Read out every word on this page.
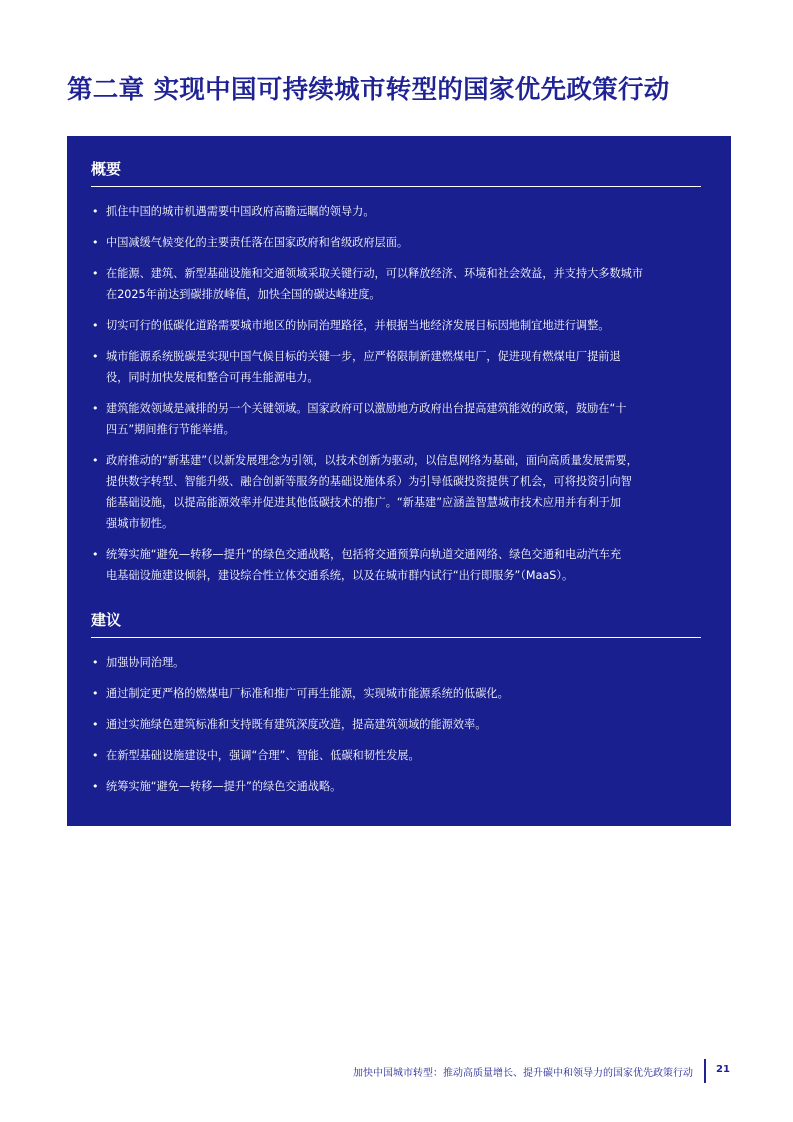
第二章 实现中国可持续城市转型的国家优先政策行动
概要
• 抓住中国的城市机遇需要中国政府高瞻远瞩的领导力。
• 中国减缓气候变化的主要责任落在国家政府和省级政府层面。
• 在能源、建筑、新型基础设施和交通领域采取关键行动，可以释放经济、环境和社会效益，并支持大多数城市
在2025年前达到碳排放峰值，加快全国的碳达峰进度。
• 切实可行的低碳化道路需要城市地区的协同治理路径，并根据当地经济发展目标因地制宜地进行调整。
• 城市能源系统脱碳是实现中国气候目标的关键一步，应严格限制新建燃煤电厂，促进现有燃煤电厂提前退
役，同时加快发展和整合可再生能源电力。
• 建筑能效领域是减排的另一个关键领域。国家政府可以激励地方政府出台提高建筑能效的政策，鼓励在“十
四五”期间推行节能举措。
• 政府推动的“新基建”（以新发展理念为引领，以技术创新为驱动，以信息网络为基础，面向高质量发展需要，
提供数字转型、智能升级、融合创新等服务的基础设施体系）为引导低碳投资提供了机会，可将投资引向智
能基础设施，以提高能源效率并促进其他低碳技术的推广。“新基建”应涵盖智慧城市技术应用并有利于加
强城市韧性。
• 统筹实施“避免—转移—提升”的绿色交通战略，包括将交通预算向轨道交通网络、绿色交通和电动汽车充
电基础设施建设倾斜，建设综合性立体交通系统，以及在城市群内试行“出行即服务”（MaaS）。
建议
• 加强协同治理。
• 通过制定更严格的燃煤电厂标准和推广可再生能源，实现城市能源系统的低碳化。
• 通过实施绿色建筑标准和支持既有建筑深度改造，提高建筑领域的能源效率。
• 在新型基础设施建设中，强调“合理”、智能、低碳和韧性发展。
• 统筹实施“避免—转移—提升”的绿色交通战略。
加快中国城市转型：推动高质量增长、提升碳中和领导力的国家优先政策行动 21
